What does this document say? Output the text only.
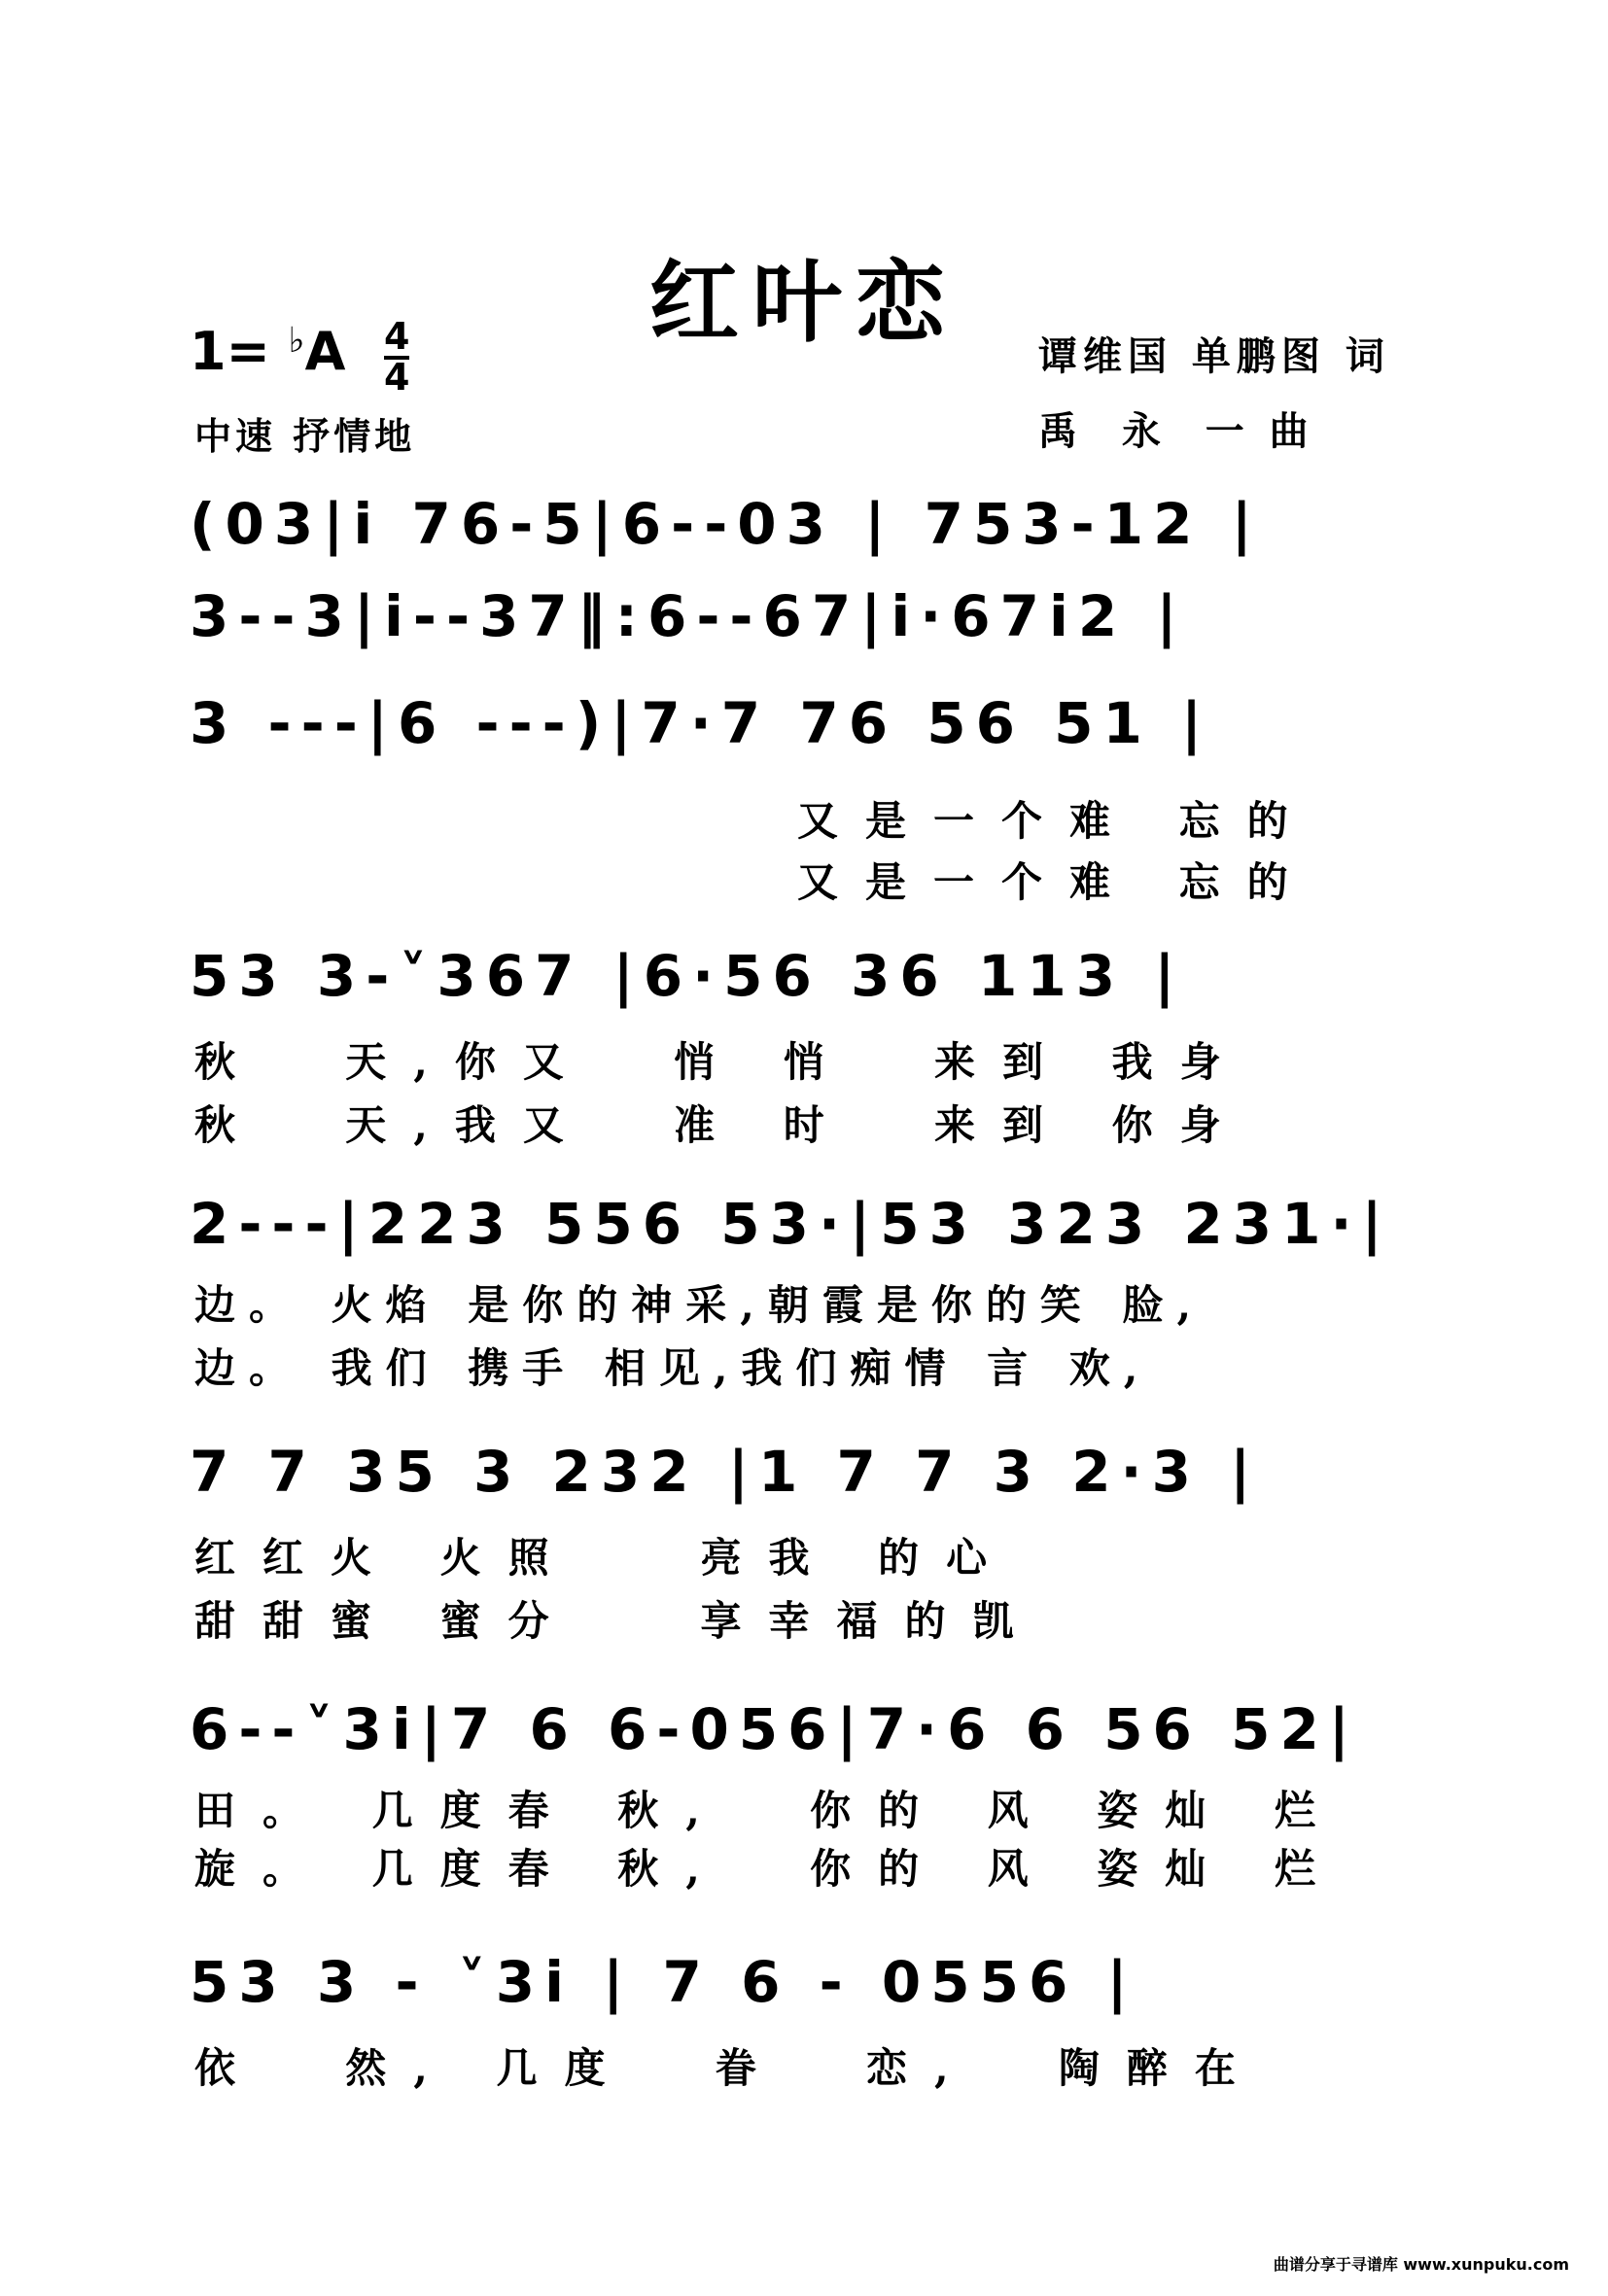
红叶恋
1= ♭A 4
4
中速 抒情地
谭维国 单鹏图 词
禹  永  一 曲
(03|i 76-5|6--03 | 753-12 |
3--3|i--37‖:6--67|i·67i2 |
3 ---|6 ---)|7·7 76 56 51 |
又是一个难 忘的
又是一个难 忘的
53 3-˅367 |6·56 36 113 |
秋  天,你又  悄 悄  来到 我身
秋  天,我又  准 时  来到 你身
2---|223 556 53·|53 323 231·|
边。 火焰 是你的神采,朝霞是你的笑 脸,
边。 我们 携手 相见,我们痴情 言 欢,
7 7 35 3 232 |1 7 7 3 2·3 |
红红火 火照   亮我 的心
甜甜蜜 蜜分   享幸福的凯
6--˅3i|7 6 6-056|7·6 6 56 52|
田。 几度春 秋,  你的 风 姿灿 烂
旋。 几度春 秋,  你的 风 姿灿 烂
53 3 - ˅3i | 7 6 - 0556 |
依  然, 几度  眷  恋,  陶醉在
曲谱分享于寻谱库 www.xunpuku.com
